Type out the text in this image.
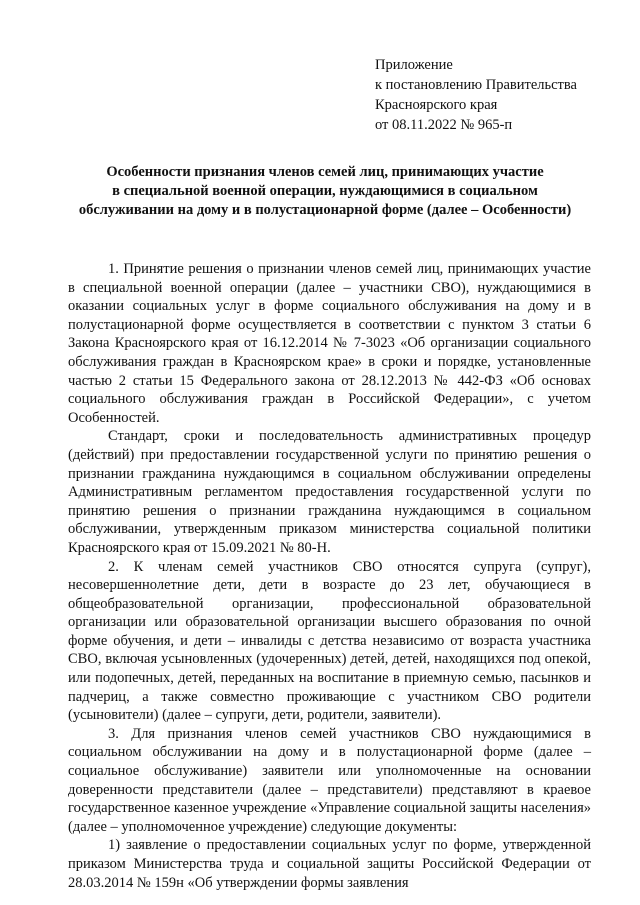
Приложение
к постановлению Правительства
Красноярского края
от 08.11.2022 № 965-п
Особенности признания членов семей лиц, принимающих участие
в специальной военной операции, нуждающимися в социальном
обслуживании на дому и в полустационарной форме (далее – Особенности)

1. Принятие решения о признании членов семей лиц, принимающих участие в специальной военной операции (далее – участники СВО), нуждающимися в оказании социальных услуг в форме социального обслуживания на дому и в полустационарной форме осуществляется в соответствии с пунктом 3 статьи 6 Закона Красноярского края от 16.12.2014 № 7-3023 «Об организации социального обслуживания граждан в Красноярском крае» в сроки и порядке, установленные частью 2 статьи 15 Федерального закона от 28.12.2013 № 442-ФЗ «Об основах социального обслуживания граждан в Российской Федерации», с учетом Особенностей.

Стандарт, сроки и последовательность административных процедур (действий) при предоставлении государственной услуги по принятию решения о признании гражданина нуждающимся в социальном обслуживании определены Административным регламентом предоставления государственной услуги по принятию решения о признании гражданина нуждающимся в социальном обслуживании, утвержденным приказом министерства социальной политики Красноярского края от 15.09.2021 № 80-Н.

2. К членам семей участников СВО относятся супруга (супруг), несовершеннолетние дети, дети в возрасте до 23 лет, обучающиеся в общеобразовательной организации, профессиональной образовательной организации или образовательной организации высшего образования по очной форме обучения, и дети – инвалиды с детства независимо от возраста участника СВО, включая усыновленных (удочеренных) детей, детей, находящихся под опекой, или подопечных, детей, переданных на воспитание в приемную семью, пасынков и падчериц, а также совместно проживающие с участником СВО родители (усыновители) (далее – супруги, дети, родители, заявители).

3. Для признания членов семей участников СВО нуждающимися в социальном обслуживании на дому и в полустационарной форме (далее – социальное обслуживание) заявители или уполномоченные на основании доверенности представители (далее – представители) представляют в краевое государственное казенное учреждение «Управление социальной защиты населения» (далее – уполномоченное учреждение) следующие документы:

1) заявление о предоставлении социальных услуг по форме, утвержденной приказом Министерства труда и социальной защиты Российской Федерации от 28.03.2014 № 159н «Об утверждении формы заявления
